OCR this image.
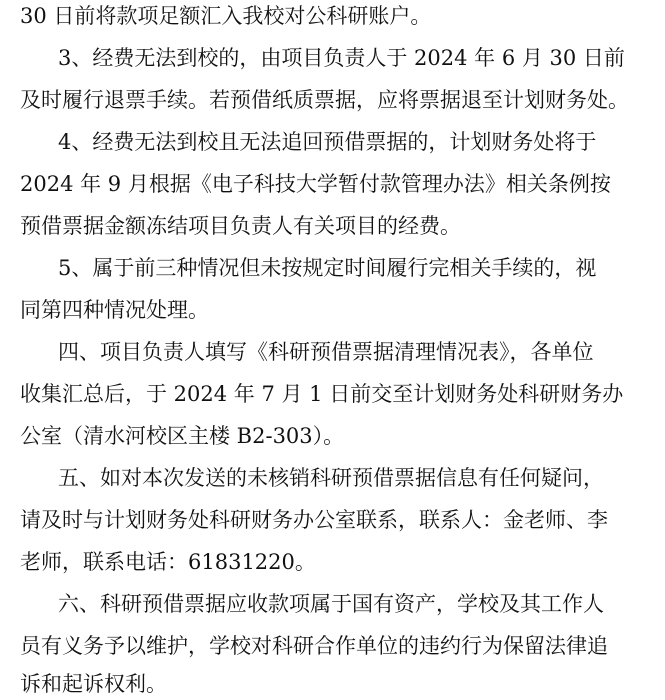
30 日前将款项足额汇入我校对公科研账户。
3、经费无法到校的，由项目负责人于 2024 年 6 月 30 日前
及时履行退票手续。若预借纸质票据，应将票据退至计划财务处。
4、经费无法到校且无法追回预借票据的，计划财务处将于
2024 年 9 月根据《电子科技大学暂付款管理办法》相关条例按
预借票据金额冻结项目负责人有关项目的经费。
5、属于前三种情况但未按规定时间履行完相关手续的，视
同第四种情况处理。
四、项目负责人填写《科研预借票据清理情况表》，各单位
收集汇总后，于 2024 年 7 月 1 日前交至计划财务处科研财务办
公室（清水河校区主楼 B2-303）。
五、如对本次发送的未核销科研预借票据信息有任何疑问，
请及时与计划财务处科研财务办公室联系，联系人：金老师、李
老师，联系电话：61831220。
六、科研预借票据应收款项属于国有资产，学校及其工作人
员有义务予以维护，学校对科研合作单位的违约行为保留法律追
诉和起诉权利。
